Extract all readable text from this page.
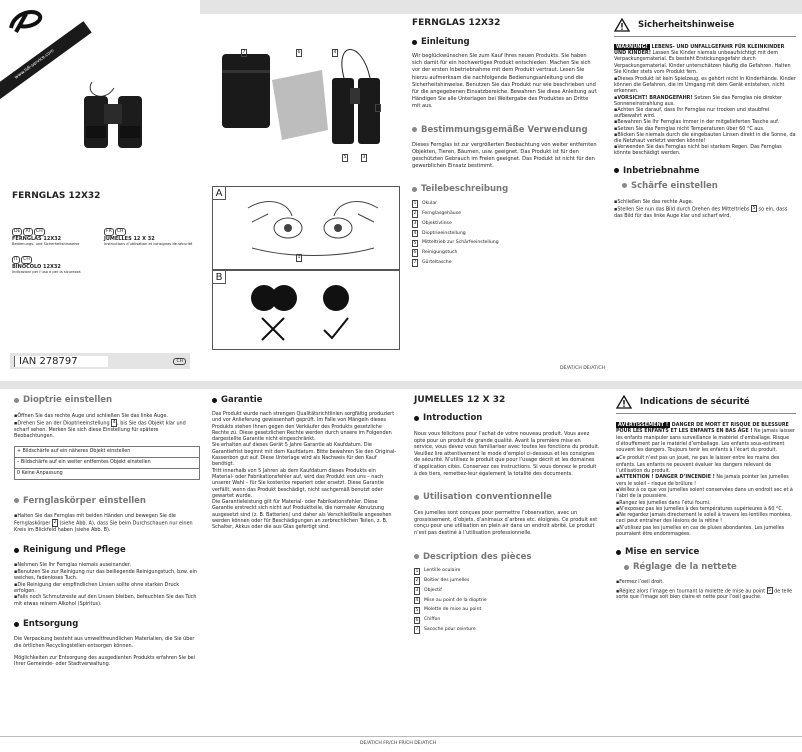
www.lidl-service.com
FERNGLAS 12X32
DE	AT	CH
FERNGLAS 12X32
Bedienungs- und Sicherheitshinweise
FR	CH
JUMELLES 12 X 32
Instructions d’utilisation et consignes de sécurité
IT	CH
BINOCOLO 12X32
Indicazioni per l’uso e per la sicurezza
IAN 278797	CH
7	6	4
2
5	3
A
1
B
FERNGLAS 12X32
Einleitung
Wir beglückwünschen Sie zum Kauf Ihres neuen Produkts. Sie haben sich damit für ein hochwertiges Produkt entschieden. Machen Sie sich vor der ersten Inbetriebnahme mit dem Produkt vertraut. Lesen Sie hierzu aufmerksam die nachfolgende Bedienungsanleitung und die Sicherheitshinweise. Benutzen Sie das Produkt nur wie beschrieben und für die angegebenen Einsatzbereiche. Bewahren Sie diese Anleitung auf. Händigen Sie alle Unterlagen bei Weitergabe des Produktes an Dritte mit aus.
Bestimmungsgemäße Verwendung
Dieses Fernglas ist zur vergrößerten Beobachtung von weiter entfernten Objekten, Tieren, Bäumen, usw. geeignet. Das Produkt ist für den geschützten Gebrauch im Freien geeignet. Das Produkt ist nicht für den gewerblichen Einsatz bestimmt.
Teilebeschreibung
1	Okular
2	Fernglasgehäuse
3	Objektivlinse
4	Dioptrieeinstellung
5	Mitteltrieb zur Schärfeeinstellung
6	Reinigungstuch
7	Gürteltasche
Sicherheitshinweise
WARNUNG! LEBENS- UND UNFALLGEFAHR FÜR KLEINKINDER UND KINDER! Lassen Sie Kinder niemals unbeaufsichtigt mit dem Verpackungsmaterial. Es besteht Erstickungsgefahr durch Verpackungsmaterial. Kinder unterschätzen häufig die Gefahren. Halten Sie Kinder stets vom Produkt fern.
▪Dieses Produkt ist kein Spielzeug, es gehört nicht in Kinderhände. Kinder können die Gefahren, die im Umgang mit dem Gerät entstehen, nicht erkennen.
▪VORSICHT! BRANDGEFAHR! Setzen Sie das Fernglas nie direkter Sonneneinstrahlung aus.
▪Achten Sie darauf, dass Ihr Fernglas nur trocken und staubfrei aufbewahrt wird.
▪Bewahren Sie Ihr Fernglas immer in der mitgelieferten Tasche auf.
▪Setzen Sie das Fernglas nicht Temperaturen über 60 °C aus.
▪Blicken Sie niemals durch die eingebauten Linsen direkt in die Sonne, da die Netzhaut verletzt werden könnte!
▪Verwenden Sie das Fernglas nicht bei starkem Regen. Das Fernglas könnte beschädigt werden.
Inbetriebnahme
Schärfe einstellen
▪Schließen Sie das rechte Auge.
▪Stellen Sie nun das Bild durch Drehen des Mitteltriebs 5 so ein, dass das Bild für das linke Auge klar und scharf wird.
DE/AT/CH DE/AT/CH
Dioptrie einstellen
▪Öffnen Sie das rechte Auge und schließen Sie das linke Auge.
▪Drehen Sie an der Dioptrieeinstellung 4 , bis Sie das Objekt klar und scharf sehen. Merken Sie sich diese Einstellung für spätere Beobachtungen.
+ Bildschärfe auf ein näheres Objekt einstellen
– Bildschärfe auf ein weiter entferntes Objekt einstellen
0 Keine Anpassung
Fernglaskörper einstellen
▪Halten Sie das Fernglas mit beiden Händen und bewegen Sie die Fernglaskörper 2 (siehe Abb. A), dass Sie beim Durchschauen nur einen Kreis im Blickfeld haben (siehe Abb. B).
Reinigung und Pflege
▪Nehmen Sie Ihr Fernglas niemals auseinander.
▪Benutzen Sie zur Reinigung nur das beiliegende Reinigungstuch, bzw. ein weiches, fadenloses Tuch.
▪Die Reinigung der empfindlichen Linsen sollte ohne starken Druck erfolgen.
▪Falls noch Schmutzreste auf den Linsen bleiben, befeuchten Sie das Tuch mit etwas reinem Alkohol (Spiritus).
Entsorgung
Die Verpackung besteht aus umweltfreundlichen Materialien, die Sie über die örtlichen Recyclingstellen entsorgen können.
Möglichkeiten zur Entsorgung des ausgedienten Produkts erfahren Sie bei Ihrer Gemeinde- oder Stadtverwaltung.
Garantie
Das Produkt wurde nach strengen Qualitätsrichtlinien sorgfältig produziert und vor Anlieferung gewissenhaft geprüft. Im Falle von Mängeln dieses Produkts stehen Ihnen gegen den Verkäufer des Produkts gesetzliche Rechte zu. Diese gesetzlichen Rechte werden durch unsere im Folgenden dargestellte Garantie nicht eingeschränkt.
Sie erhalten auf dieses Gerät 5 Jahre Garantie ab Kaufdatum. Die Garantiefrist beginnt mit dem Kaufdatum. Bitte bewahren Sie den Original-Kassenbon gut auf. Diese Unterlage wird als Nachweis für den Kauf benötigt.
Tritt innerhalb von 5 Jahren ab dem Kaufdatum dieses Produkts ein Material- oder Fabrikationsfehler auf, wird das Produkt von uns – nach unserer Wahl – für Sie kostenlos repariert oder ersetzt. Diese Garantie verfällt, wenn das Produkt beschädigt, nicht sachgemäß benutzt oder gewartet wurde.
Die Garantieleistung gilt für Material- oder Fabrikationsfehler. Diese Garantie erstreckt sich nicht auf Produktteile, die normaler Abnutzung ausgesetzt sind (z. B. Batterien) und daher als Verschleißteile angesehen werden können oder für Beschädigungen an zerbrechlichen Teilen, z. B. Schalter, Akkus oder die aus Glas gefertigt sind.
JUMELLES 12 X 32
Introduction
Nous vous félicitons pour l’achat de votre nouveau produit. Vous avez opté pour un produit de grande qualité. Avant la première mise en service, vous devez vous familiariser avec toutes les fonctions du produit. Veuillez lire attentivement le mode d’emploi ci-dessous et les consignes de sécurité. N’utilisez le produit que pour l’usage décrit et les domaines d’application cités. Conservez ces instructions. Si vous donnez le produit à des tiers, remettez-leur également la totalité des documents.
Utilisation conventionnelle
Ces jumelles sont conçues pour permettre l’observation, avec un grossissement, d’objets, d’animaux d’arbres etc. éloignés. Ce produit est conçu pour une utilisation en plein air dans un endroit abrité. Le produit n’est pas destiné à l’utilisation professionnelle.
Description des pièces
1	Lentille oculaire
2	Boîtier des jumelles
3	Objectif
4	Mise au point de la dioptrie
5	Molette de mise au point
6	Chiffon
7	Sacoche pour ceinture
Indications de sécurité
AVERTISSEMENT ! DANGER DE MORT ET RISQUE DE BLESSURE POUR LES ENFANTS ET LES ENFANTS EN BAS ÂGE ! Ne jamais laisser les enfants manipuler sans surveillance le matériel d’emballage. Risque d’étouffement par le matériel d’emballage. Les enfants sous-estiment souvent les dangers. Toujours tenir les enfants à l’écart du produit.
▪Ce produit n’est pas un jouet, ne pas le laisser entre les mains des enfants. Les enfants ne peuvent évaluer les dangers relevant de l’utilisation du produit.
▪ATTENTION ! DANGER D’INCENDIE ! Ne jamais pointer les jumelles vers le soleil – risque de brûlure !
▪Veillez à ce que vos jumelles soient conservées dans un endroit sec et à l’abri de la poussière.
▪Rangez les jumelles dans l’étui fourni.
▪N’exposez pas les jumelles à des températures supérieures à 60 °C.
▪Ne regardez jamais directement le soleil à travers les lentilles montées, ceci peut entraîner des lésions de la rétine !
▪N’utilisez pas les jumelles en cas de pluies abondantes. Les jumelles pourraient être endommagées.
Mise en service
Réglage de la nettete
▪Fermez l’oeil droit.
▪Réglez alors l’image en tournant la molette de mise au point 5 de telle sorte que l’image soit bien claire et nette pour l’oeil gauche.
DE/AT/CH FR/CH FR/CH DE/AT/CH
